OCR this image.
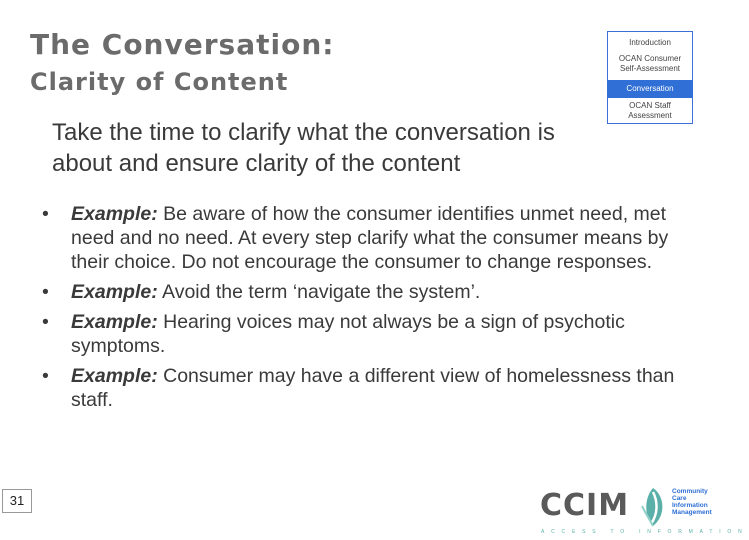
The Conversation:
Clarity of Content
Introduction
OCAN Consumer Self-Assessment
Conversation
OCAN Staff Assessment

Take the time to clarify what the conversation is about and ensure clarity of the content

•	Example: Be aware of how the consumer identifies unmet need, met need and no need. At every step clarify what the consumer means by their choice. Do not encourage the consumer to change responses.
•	Example: Avoid the term ‘navigate the system’.
•	Example: Hearing voices may not always be a sign of psychotic symptoms.
•	Example: Consumer may have a different view of homelessness than staff.
31	CCIM	Community
Care
Information
Management
ACCESS TO INFORMATION
